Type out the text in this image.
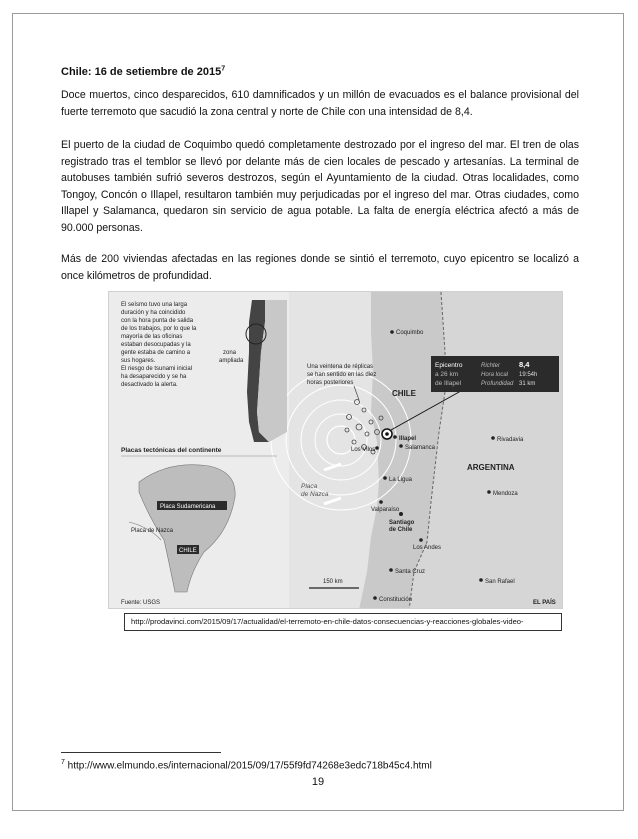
Chile: 16 de setiembre de 2015$^7$

Doce muertos, cinco desparecidos, 610 damnificados y un millón de evacuados es el balance provisional del fuerte terremoto que sacudió la zona central y norte de Chile con una intensidad de 8,4.

El puerto de la ciudad de Coquimbo quedó completamente destrozado por el ingreso del mar. El tren de olas registrado tras el temblor se llevó por delante más de cien locales de pescado y artesanías. La terminal de autobuses también sufrió severos destrozos, según el Ayuntamiento de la ciudad. Otras localidades, como Tongoy, Concón o Illapel, resultaron también muy perjudicadas por el ingreso del mar. Otras ciudades, como Illapel y Salamanca, quedaron sin servicio de agua potable. La falta de energía eléctrica afectó a más de 90.000 personas.

Más de 200 viviendas afectadas en las regiones donde se sintió el terremoto, cuyo epicentro se localizó a once kilómetros de profundidad.

Epicentro
a 26 km
de Illapel
Richter	8,4
Hora local 19:54h
Profundidad 31 km
CHILE
ARGENTINA
Una veintena de réplicas se han sentido en las diez horas posteriores
Placa de Nazca
Coquimbo
Illapel
Salamanca
Los Vilos
La Ligua
Valparaíso
Santiago
de Chile
Los Andes
Santa Cruz
Constitución
Rivadavia
Mendoza
San Rafael
150 km
El seísmo tuvo una larga duración y ha coincidido con la hora punta de salida de los trabajos, por lo que la mayoría de las oficinas estaban desocupadas y la gente estaba de camino a sus hogares. El riesgo de tsunami inicial ha desaparecido y se ha desactivado la alerta.
zona ampliada
Placas tectónicas del continente
Placa Sudamericana
Placa de Nazca
CHILE
Fuente: USGS	EL PAÍS
http://prodavinci.com/2015/09/17/actualidad/el-terremoto-en-chile-datos-consecuencias-y-reacciones-globales-video-
$^7$ http://www.elmundo.es/internacional/2015/09/17/55f9fd74268e3edc718b45c4.html
19
